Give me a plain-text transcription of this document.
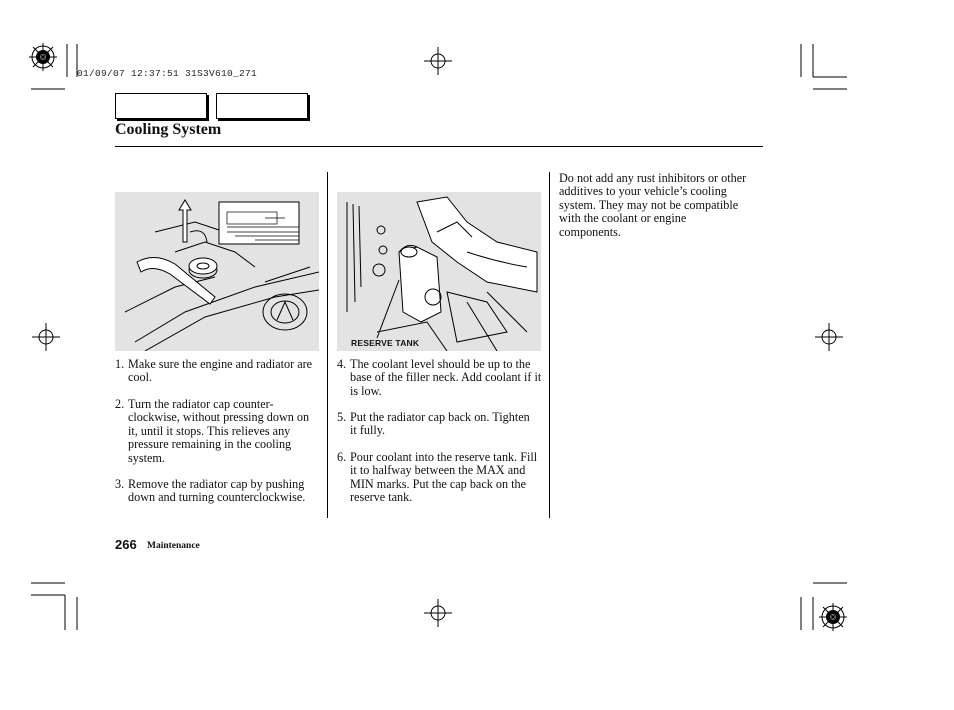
01/09/07 12:37:51 31S3V610_271
Cooling System
RESERVE TANK
1. Make sure the engine and radiator are cool.
2. Turn the radiator cap counter-clockwise, without pressing down on it, until it stops. This relieves any pressure remaining in the cooling system.
3. Remove the radiator cap by pushing down and turning counterclockwise.
4. The coolant level should be up to the base of the filler neck. Add coolant if it is low.
5. Put the radiator cap back on. Tighten it fully.
6. Pour coolant into the reserve tank. Fill it to halfway between the MAX and MIN marks. Put the cap back on the reserve tank.
Do not add any rust inhibitors or other additives to your vehicle’s cooling system. They may not be compatible with the coolant or engine components.
266 Maintenance
